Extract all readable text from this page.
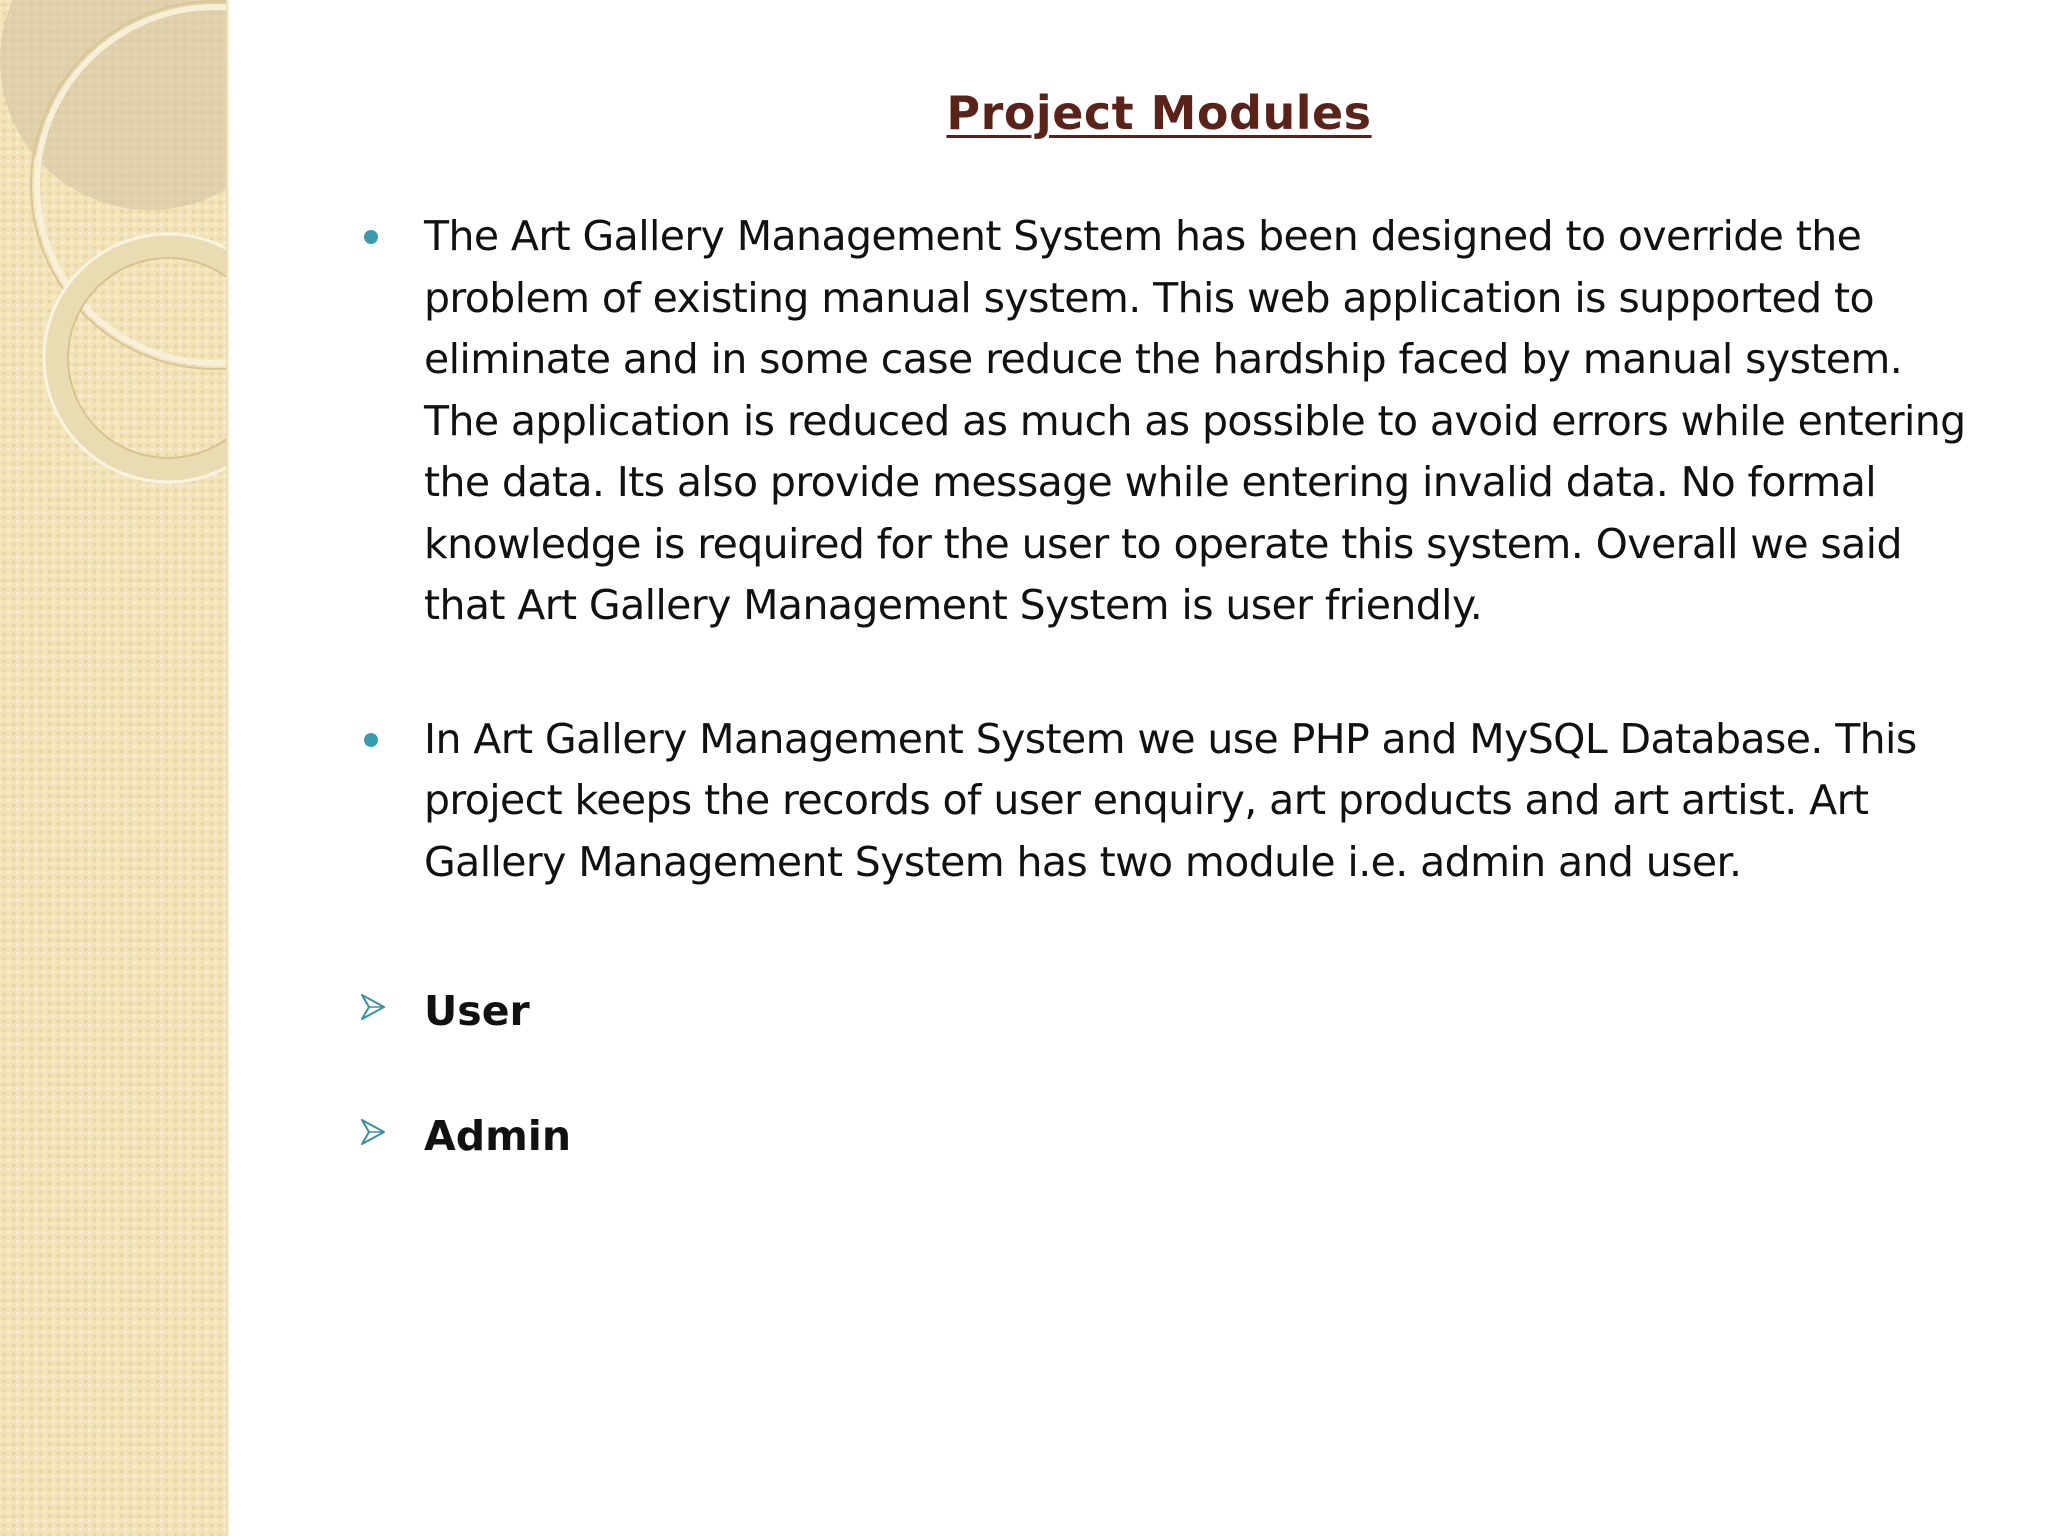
Project Modules
The Art Gallery Management System has been designed to override the problem of existing manual system. This web application is supported to eliminate and in some case reduce the hardship faced by manual system. The application is reduced as much as possible to avoid errors while entering the data. Its also provide message while entering invalid data. No formal knowledge is required for the user to operate this system. Overall we said that Art Gallery Management System is user friendly.
In Art Gallery Management System we use PHP and MySQL Database. This project keeps the records of user enquiry, art products and art artist. Art Gallery Management System has two module i.e. admin and user.
User
Admin
